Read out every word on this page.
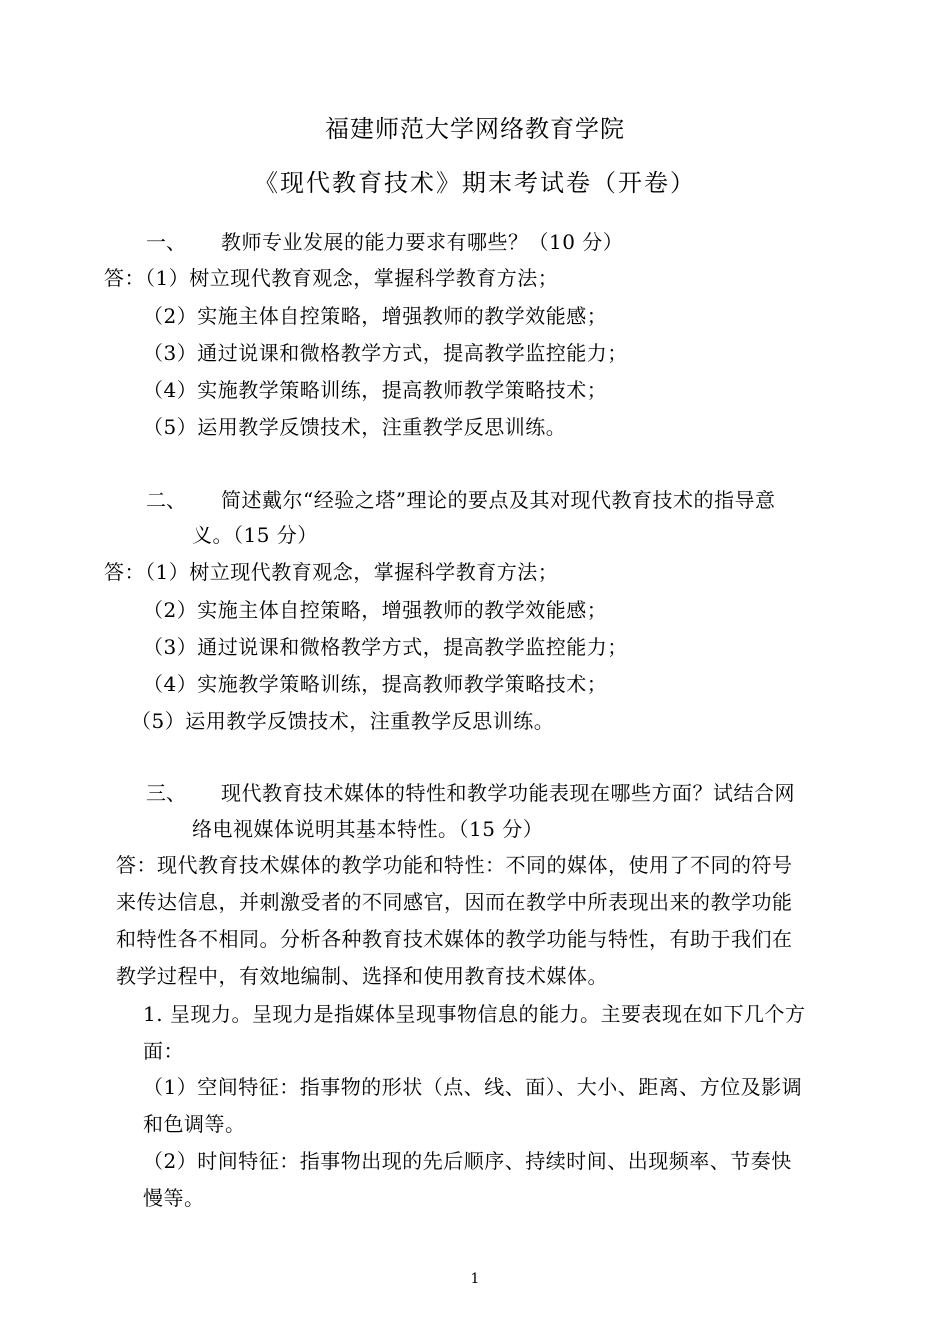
福建师范大学网络教育学院
《现代教育技术》期末考试卷（开卷）
一、 教师专业发展的能力要求有哪些？（10 分）
答：（1）树立现代教育观念，掌握科学教育方法；
（2）实施主体自控策略，增强教师的教学效能感；
（3）通过说课和微格教学方式，提高教学监控能力；
（4）实施教学策略训练，提高教师教学策略技术；
（5）运用教学反馈技术，注重教学反思训练。
二、 简述戴尔“经验之塔”理论的要点及其对现代教育技术的指导意
义。（15 分）
答：（1）树立现代教育观念，掌握科学教育方法；
（2）实施主体自控策略，增强教师的教学效能感；
（3）通过说课和微格教学方式，提高教学监控能力；
（4）实施教学策略训练，提高教师教学策略技术；
（5）运用教学反馈技术，注重教学反思训练。
三、 现代教育技术媒体的特性和教学功能表现在哪些方面？试结合网
络电视媒体说明其基本特性。（15 分）
答：现代教育技术媒体的教学功能和特性：不同的媒体，使用了不同的符号
来传达信息，并刺激受者的不同感官，因而在教学中所表现出来的教学功能
和特性各不相同。分析各种教育技术媒体的教学功能与特性，有助于我们在
教学过程中，有效地编制、选择和使用教育技术媒体。
1. 呈现力。呈现力是指媒体呈现事物信息的能力。主要表现在如下几个方
面：
（1）空间特征：指事物的形状（点、线、面）、大小、距离、方位及影调
和色调等。
（2）时间特征：指事物出现的先后顺序、持续时间、出现频率、节奏快
慢等。
1
